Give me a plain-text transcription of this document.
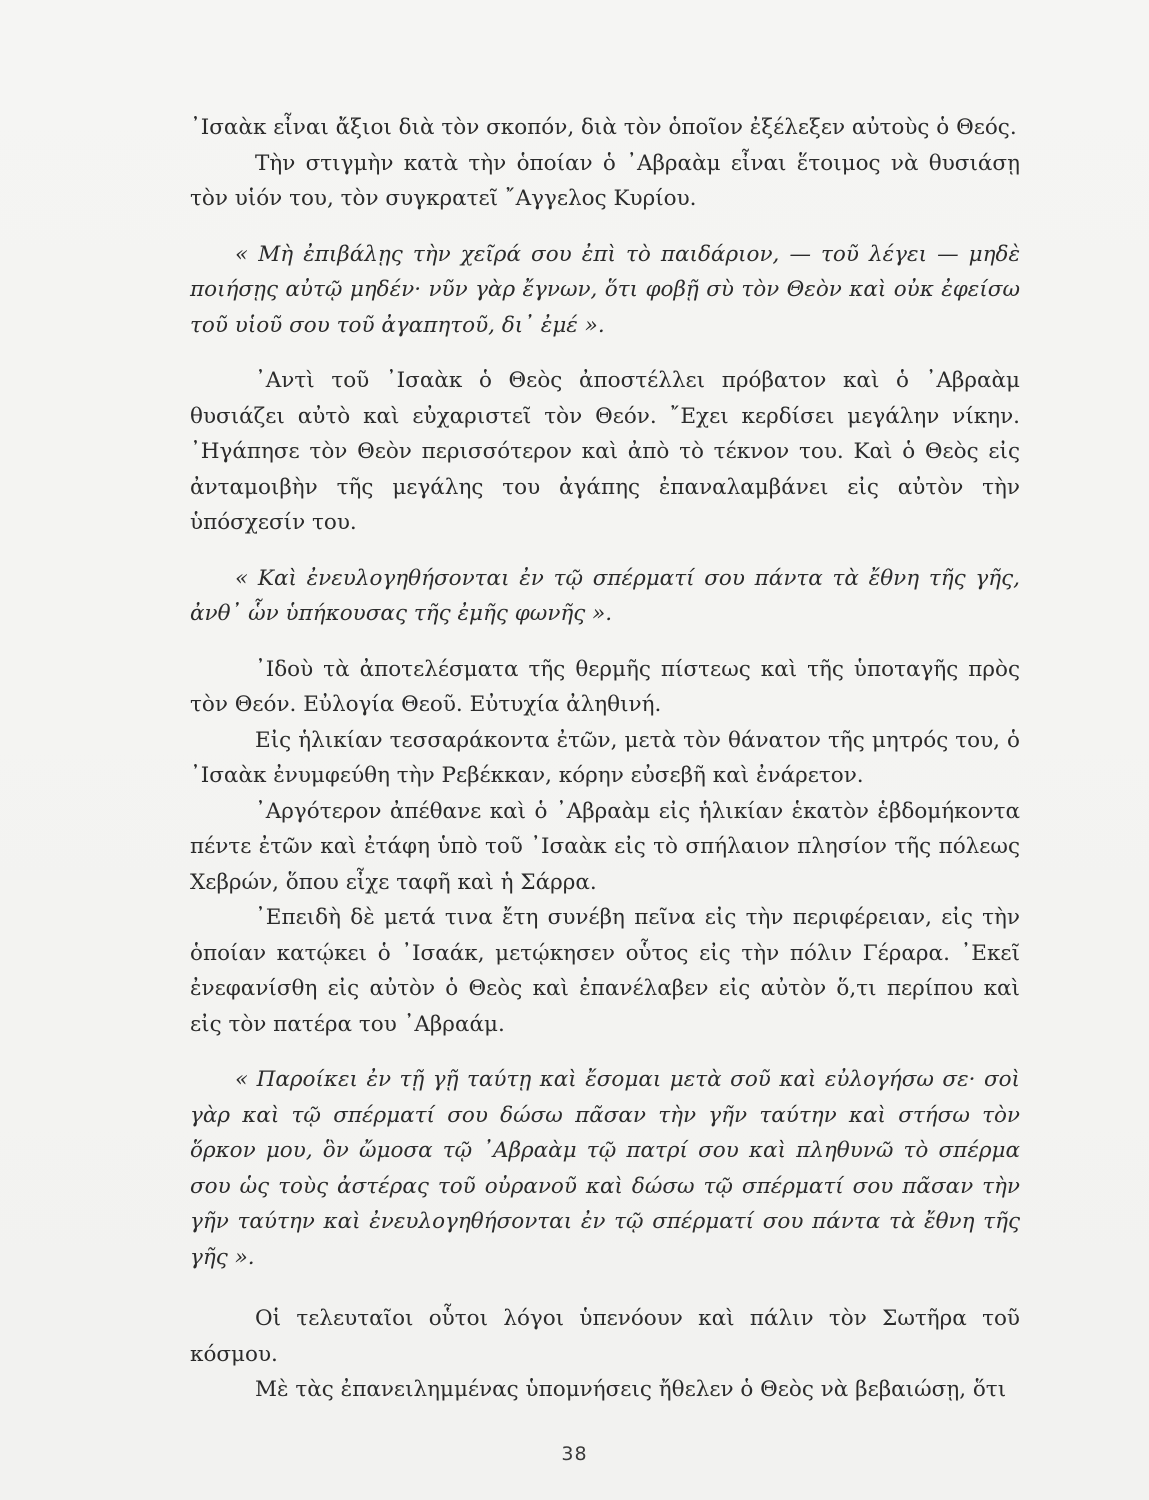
᾿Ισαὰκ εἶναι ἄξιοι διὰ τὸν σκοπόν, διὰ τὸν ὁποῖον ἐξέλεξεν αὐτοὺς ὁ Θεός.

Τὴν στιγμὴν κατὰ τὴν ὁποίαν ὁ ᾿Αβραὰμ εἶναι ἕτοιμος νὰ θυσιάσῃ τὸν υἱόν του, τὸν συγκρατεῖ ῎Αγγελος Κυρίου.

« Μὴ ἐπιβάλῃς τὴν χεῖρά σου ἐπὶ τὸ παιδάριον, — τοῦ λέγει — μηδὲ ποιήσῃς αὐτῷ μηδέν· νῦν γὰρ ἔγνων, ὅτι φοβῇ σὺ τὸν Θεὸν καὶ οὐκ ἐφείσω τοῦ υἱοῦ σου τοῦ ἀγαπητοῦ, δι᾿ ἐμέ ».

᾿Αντὶ τοῦ ᾿Ισαὰκ ὁ Θεὸς ἀποστέλλει πρόβατον καὶ ὁ ᾿Αβραὰμ θυσιάζει αὐτὸ καὶ εὐχαριστεῖ τὸν Θεόν. ῎Εχει κερδίσει μεγάλην νίκην. ᾿Ηγάπησε τὸν Θεὸν περισσότερον καὶ ἀπὸ τὸ τέκνον του. Καὶ ὁ Θεὸς εἰς ἀνταμοιβὴν τῆς μεγάλης του ἀγάπης ἐπαναλαμβάνει εἰς αὐτὸν τὴν ὑπόσχεσίν του.

« Καὶ ἐνευλογηθήσονται ἐν τῷ σπέρματί σου πάντα τὰ ἔθνη τῆς γῆς, ἀνθ᾿ ὧν ὑπήκουσας τῆς ἐμῆς φωνῆς ».

᾿Ιδοὺ τὰ ἀποτελέσματα τῆς θερμῆς πίστεως καὶ τῆς ὑποταγῆς πρὸς τὸν Θεόν. Εὐλογία Θεοῦ. Εὐτυχία ἀληθινή.

Εἰς ἡλικίαν τεσσαράκοντα ἐτῶν, μετὰ τὸν θάνατον τῆς μητρός του, ὁ ᾿Ισαὰκ ἐνυμφεύθη τὴν Ρεβέκκαν, κόρην εὐσεβῆ καὶ ἐνάρετον.

᾿Αργότερον ἀπέθανε καὶ ὁ ᾿Αβραὰμ εἰς ἡλικίαν ἑκατὸν ἑβδομήκοντα πέντε ἐτῶν καὶ ἐτάφη ὑπὸ τοῦ ᾿Ισαὰκ εἰς τὸ σπήλαιον πλησίον τῆς πόλεως Χεβρών, ὅπου εἶχε ταφῆ καὶ ἡ Σάρρα.

᾿Επειδὴ δὲ μετά τινα ἔτη συνέβη πεῖνα εἰς τὴν περιφέρειαν, εἰς τὴν ὁποίαν κατῴκει ὁ ᾿Ισαάκ, μετῴκησεν οὗτος εἰς τὴν πόλιν Γέραρα. ᾿Εκεῖ ἐνεφανίσθη εἰς αὐτὸν ὁ Θεὸς καὶ ἐπανέλαβεν εἰς αὐτὸν ὅ,τι περίπου καὶ εἰς τὸν πατέρα του ᾿Αβραάμ.

« Παροίκει ἐν τῇ γῇ ταύτῃ καὶ ἔσομαι μετὰ σοῦ καὶ εὐλογήσω σε· σοὶ γὰρ καὶ τῷ σπέρματί σου δώσω πᾶσαν τὴν γῆν ταύτην καὶ στήσω τὸν ὅρκον μου, ὃν ὤμοσα τῷ ᾿Αβραὰμ τῷ πατρί σου καὶ πληθυνῶ τὸ σπέρμα σου ὡς τοὺς ἀστέρας τοῦ οὐρανοῦ καὶ δώσω τῷ σπέρματί σου πᾶσαν τὴν γῆν ταύτην καὶ ἐνευλογηθήσονται ἐν τῷ σπέρματί σου πάντα τὰ ἔθνη τῆς γῆς ».

Οἱ τελευταῖοι οὗτοι λόγοι ὑπενόουν καὶ πάλιν τὸν Σωτῆρα τοῦ κόσμου.

Μὲ τὰς ἐπανειλημμένας ὑπομνήσεις ἤθελεν ὁ Θεὸς νὰ βεβαιώσῃ, ὅτι

38
